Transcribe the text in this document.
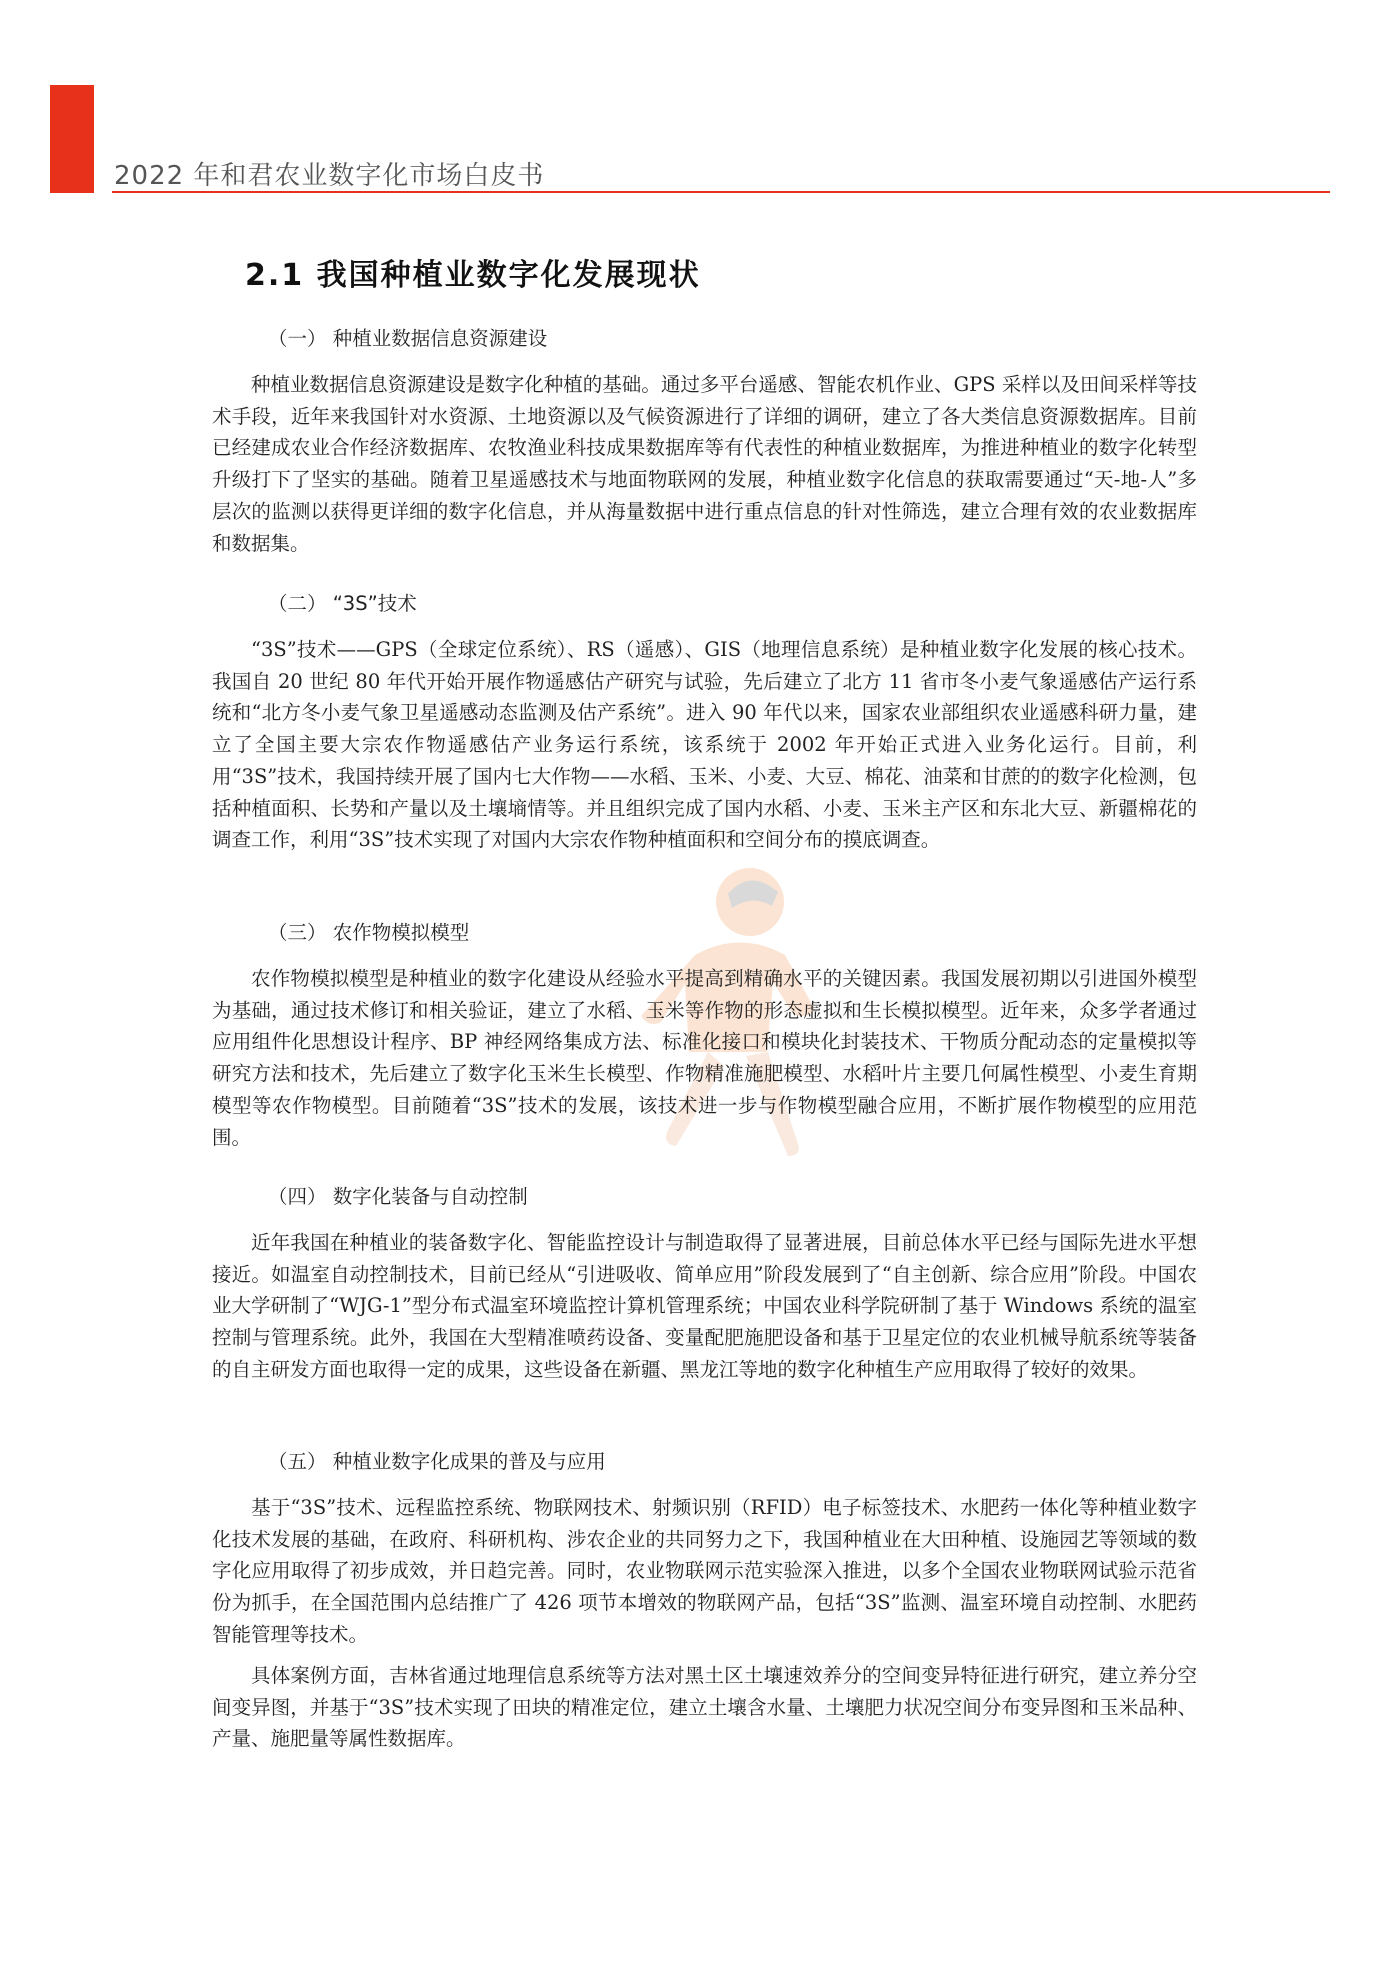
2022 年和君农业数字化市场白皮书
2.1 我国种植业数字化发展现状
（一） 种植业数据信息资源建设

种植业数据信息资源建设是数字化种植的基础。通过多平台遥感、智能农机作业、GPS 采样以及田间采样等技术手段，近年来我国针对水资源、土地资源以及气候资源进行了详细的调研，建立了各大类信息资源数据库。目前已经建成农业合作经济数据库、农牧渔业科技成果数据库等有代表性的种植业数据库，为推进种植业的数字化转型升级打下了坚实的基础。随着卫星遥感技术与地面物联网的发展，种植业数字化信息的获取需要通过“天-地-人”多层次的监测以获得更详细的数字化信息，并从海量数据中进行重点信息的针对性筛选，建立合理有效的农业数据库和数据集。

（二） “3S”技术

“3S”技术——GPS（全球定位系统）、RS（遥感）、GIS（地理信息系统）是种植业数字化发展的核心技术。我国自 20 世纪 80 年代开始开展作物遥感估产研究与试验，先后建立了北方 11 省市冬小麦气象遥感估产运行系统和“北方冬小麦气象卫星遥感动态监测及估产系统”。进入 90 年代以来，国家农业部组织农业遥感科研力量，建立了全国主要大宗农作物遥感估产业务运行系统，该系统于 2002 年开始正式进入业务化运行。目前，利用“3S”技术，我国持续开展了国内七大作物——水稻、玉米、小麦、大豆、棉花、油菜和甘蔗的的数字化检测，包括种植面积、长势和产量以及土壤墒情等。并且组织完成了国内水稻、小麦、玉米主产区和东北大豆、新疆棉花的调查工作，利用“3S”技术实现了对国内大宗农作物种植面积和空间分布的摸底调查。

（三） 农作物模拟模型

农作物模拟模型是种植业的数字化建设从经验水平提高到精确水平的关键因素。我国发展初期以引进国外模型为基础，通过技术修订和相关验证，建立了水稻、玉米等作物的形态虚拟和生长模拟模型。近年来，众多学者通过应用组件化思想设计程序、BP 神经网络集成方法、标准化接口和模块化封装技术、干物质分配动态的定量模拟等研究方法和技术，先后建立了数字化玉米生长模型、作物精准施肥模型、水稻叶片主要几何属性模型、小麦生育期模型等农作物模型。目前随着“3S”技术的发展，该技术进一步与作物模型融合应用，不断扩展作物模型的应用范围。

（四） 数字化装备与自动控制

近年我国在种植业的装备数字化、智能监控设计与制造取得了显著进展，目前总体水平已经与国际先进水平想接近。如温室自动控制技术，目前已经从“引进吸收、简单应用”阶段发展到了“自主创新、综合应用”阶段。中国农业大学研制了“WJG-1”型分布式温室环境监控计算机管理系统；中国农业科学院研制了基于 Windows 系统的温室控制与管理系统。此外，我国在大型精准喷药设备、变量配肥施肥设备和基于卫星定位的农业机械导航系统等装备的自主研发方面也取得一定的成果，这些设备在新疆、黑龙江等地的数字化种植生产应用取得了较好的效果。

（五） 种植业数字化成果的普及与应用

基于“3S”技术、远程监控系统、物联网技术、射频识别（RFID）电子标签技术、水肥药一体化等种植业数字化技术发展的基础，在政府、科研机构、涉农企业的共同努力之下，我国种植业在大田种植、设施园艺等领域的数字化应用取得了初步成效，并日趋完善。同时，农业物联网示范实验深入推进，以多个全国农业物联网试验示范省份为抓手，在全国范围内总结推广了 426 项节本增效的物联网产品，包括“3S”监测、温室环境自动控制、水肥药智能管理等技术。

具体案例方面，吉林省通过地理信息系统等方法对黑土区土壤速效养分的空间变异特征进行研究，建立养分空间变异图，并基于“3S”技术实现了田块的精准定位，建立土壤含水量、土壤肥力状况空间分布变异图和玉米品种、产量、施肥量等属性数据库。
